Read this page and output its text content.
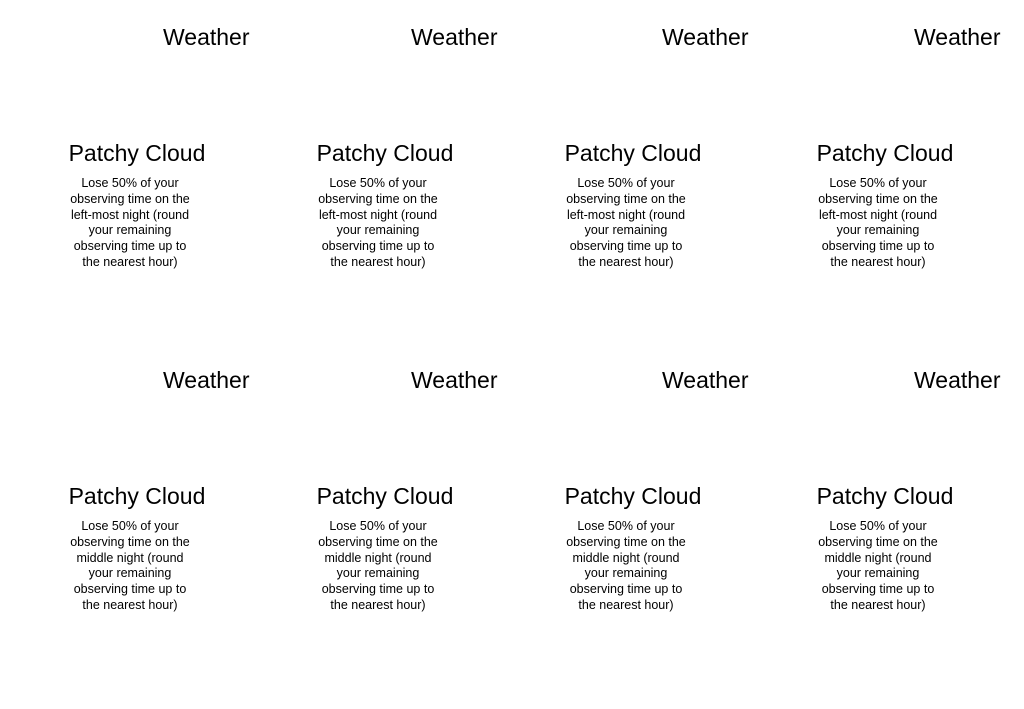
Weather
Patchy Cloud
Lose 50% of your observing time on the left-most night (round your remaining observing time up to the nearest hour)
Weather
Patchy Cloud
Lose 50% of your observing time on the left-most night (round your remaining observing time up to the nearest hour)
Weather
Patchy Cloud
Lose 50% of your observing time on the left-most night (round your remaining observing time up to the nearest hour)
Weather
Patchy Cloud
Lose 50% of your observing time on the left-most night (round your remaining observing time up to the nearest hour)
Weather
Patchy Cloud
Lose 50% of your observing time on the middle night (round your remaining observing time up to the nearest hour)
Weather
Patchy Cloud
Lose 50% of your observing time on the middle night (round your remaining observing time up to the nearest hour)
Weather
Patchy Cloud
Lose 50% of your observing time on the middle night (round your remaining observing time up to the nearest hour)
Weather
Patchy Cloud
Lose 50% of your observing time on the middle night (round your remaining observing time up to the nearest hour)
